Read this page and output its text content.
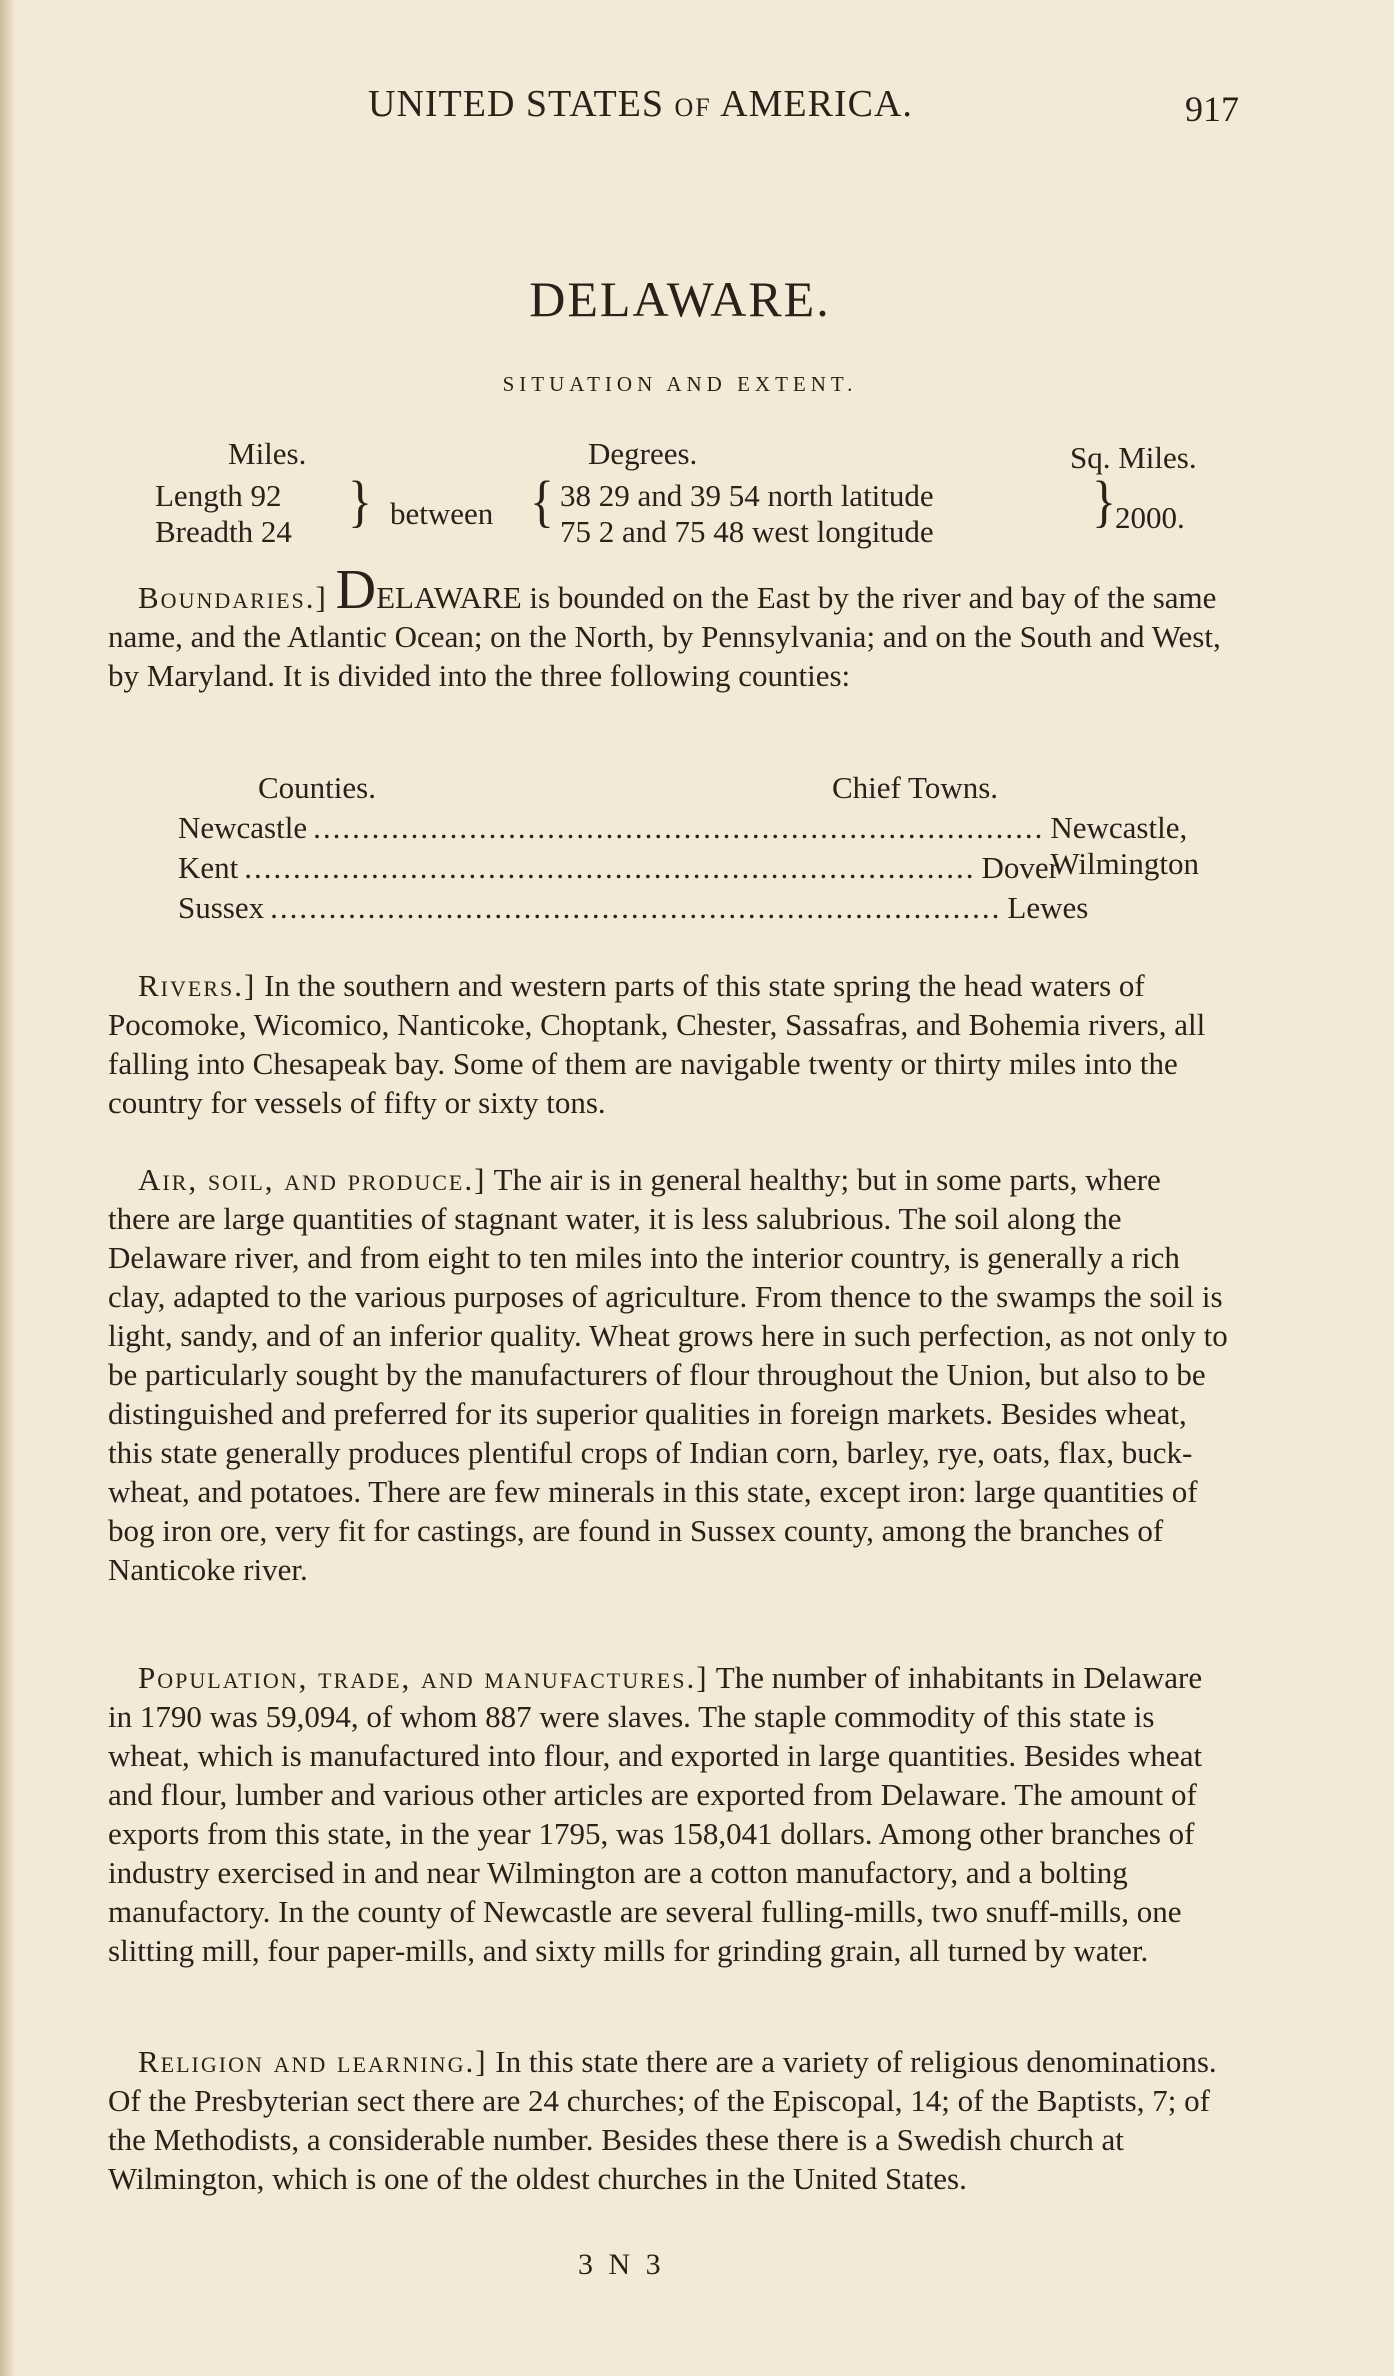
UNITED STATES OF AMERICA.	917
DELAWARE.
SITUATION AND EXTENT.
Miles.	Degrees.	Sq. Miles.
Length 92
Breadth 24 } between { 38 29 and 39 54 north latitude
75 2 and 75 48 west longitude	} 2000.
Boundaries.] DELAWARE is bounded on the East by the river and bay of the same name, and the Atlantic Ocean; on the North, by Pennsylvania; and on the South and West, by Maryland. It is divided into the three following counties:
Counties.	Chief Towns.
Newcastle ........................................................................... Newcastle, Wilmington
Kent ........................................................................... Dover
Sussex ........................................................................... Lewes
Rivers.] In the southern and western parts of this state spring the head waters of Pocomoke, Wicomico, Nanticoke, Choptank, Chester, Sassafras, and Bohemia rivers, all falling into Chesapeak bay. Some of them are navigable twenty or thirty miles into the country for vessels of fifty or sixty tons.
Air, soil, and produce.] The air is in general healthy; but in some parts, where there are large quantities of stagnant water, it is less salubrious. The soil along the Delaware river, and from eight to ten miles into the interior country, is generally a rich clay, adapted to the various purposes of agriculture. From thence to the swamps the soil is light, sandy, and of an inferior quality. Wheat grows here in such perfection, as not only to be particularly sought by the manufacturers of flour throughout the Union, but also to be distinguished and preferred for its superior qualities in foreign markets. Besides wheat, this state generally produces plentiful crops of Indian corn, barley, rye, oats, flax, buck-wheat, and potatoes. There are few minerals in this state, except iron: large quantities of bog iron ore, very fit for castings, are found in Sussex county, among the branches of Nanticoke river.
Population, trade, and manufactures.] The number of inhabitants in Delaware in 1790 was 59,094, of whom 887 were slaves. The staple commodity of this state is wheat, which is manufactured into flour, and exported in large quantities. Besides wheat and flour, lumber and various other articles are exported from Delaware. The amount of exports from this state, in the year 1795, was 158,041 dollars. Among other branches of industry exercised in and near Wilmington are a cotton manufactory, and a bolting manufactory. In the county of Newcastle are several fulling-mills, two snuff-mills, one slitting mill, four paper-mills, and sixty mills for grinding grain, all turned by water.
Religion and learning.] In this state there are a variety of religious denominations. Of the Presbyterian sect there are 24 churches; of the Episcopal, 14; of the Baptists, 7; of the Methodists, a considerable number. Besides these there is a Swedish church at Wilmington, which is one of the oldest churches in the United States.
3 N 3
